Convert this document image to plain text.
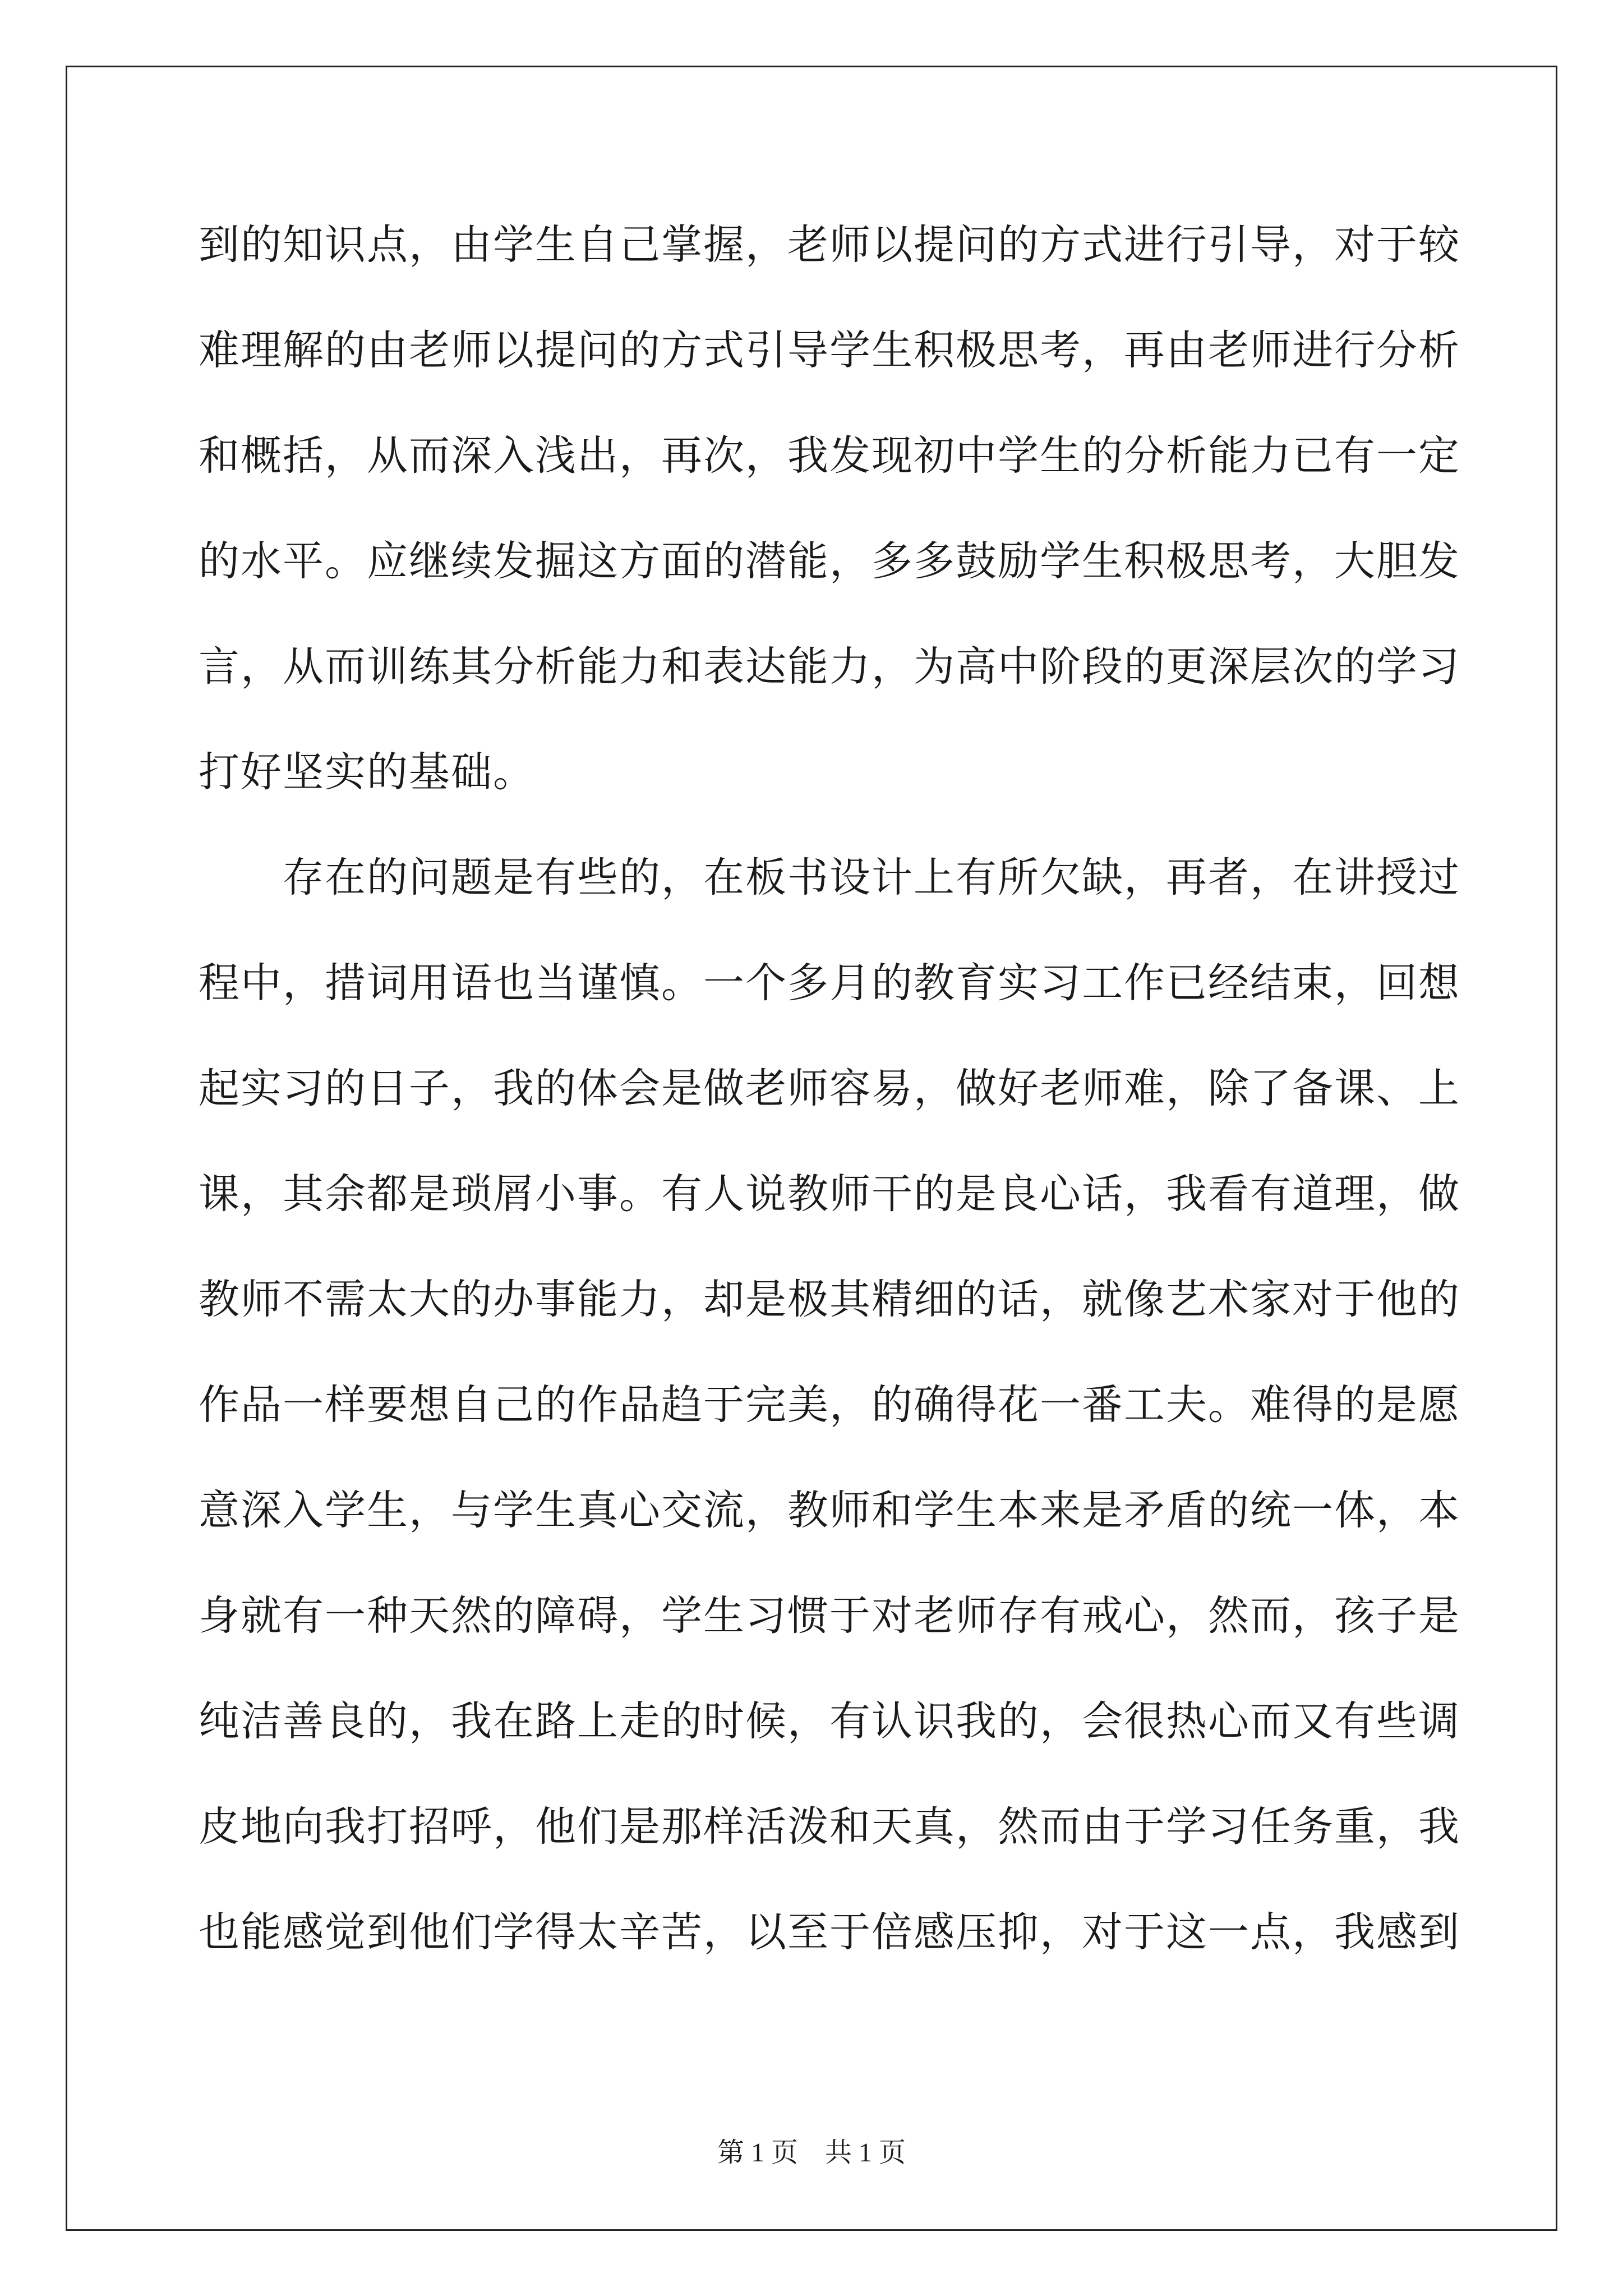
到的知识点，由学生自己掌握，老师以提问的方式进行引导，对于较
难理解的由老师以提问的方式引导学生积极思考，再由老师进行分析
和概括，从而深入浅出，再次，我发现初中学生的分析能力已有一定
的水平。应继续发掘这方面的潜能，多多鼓励学生积极思考，大胆发
言，从而训练其分析能力和表达能力，为高中阶段的更深层次的学习
打好坚实的基础。
　　存在的问题是有些的，在板书设计上有所欠缺，再者，在讲授过
程中，措词用语也当谨慎。一个多月的教育实习工作已经结束，回想
起实习的日子，我的体会是做老师容易，做好老师难，除了备课、上
课，其余都是琐屑小事。有人说教师干的是良心话，我看有道理，做
教师不需太大的办事能力，却是极其精细的话，就像艺术家对于他的
作品一样要想自己的作品趋于完美，的确得花一番工夫。难得的是愿
意深入学生，与学生真心交流，教师和学生本来是矛盾的统一体，本
身就有一种天然的障碍，学生习惯于对老师存有戒心，然而，孩子是
纯洁善良的，我在路上走的时候，有认识我的，会很热心而又有些调
皮地向我打招呼，他们是那样活泼和天真，然而由于学习任务重，我
也能感觉到他们学得太辛苦，以至于倍感压抑，对于这一点，我感到
第 1 页　共 1 页
